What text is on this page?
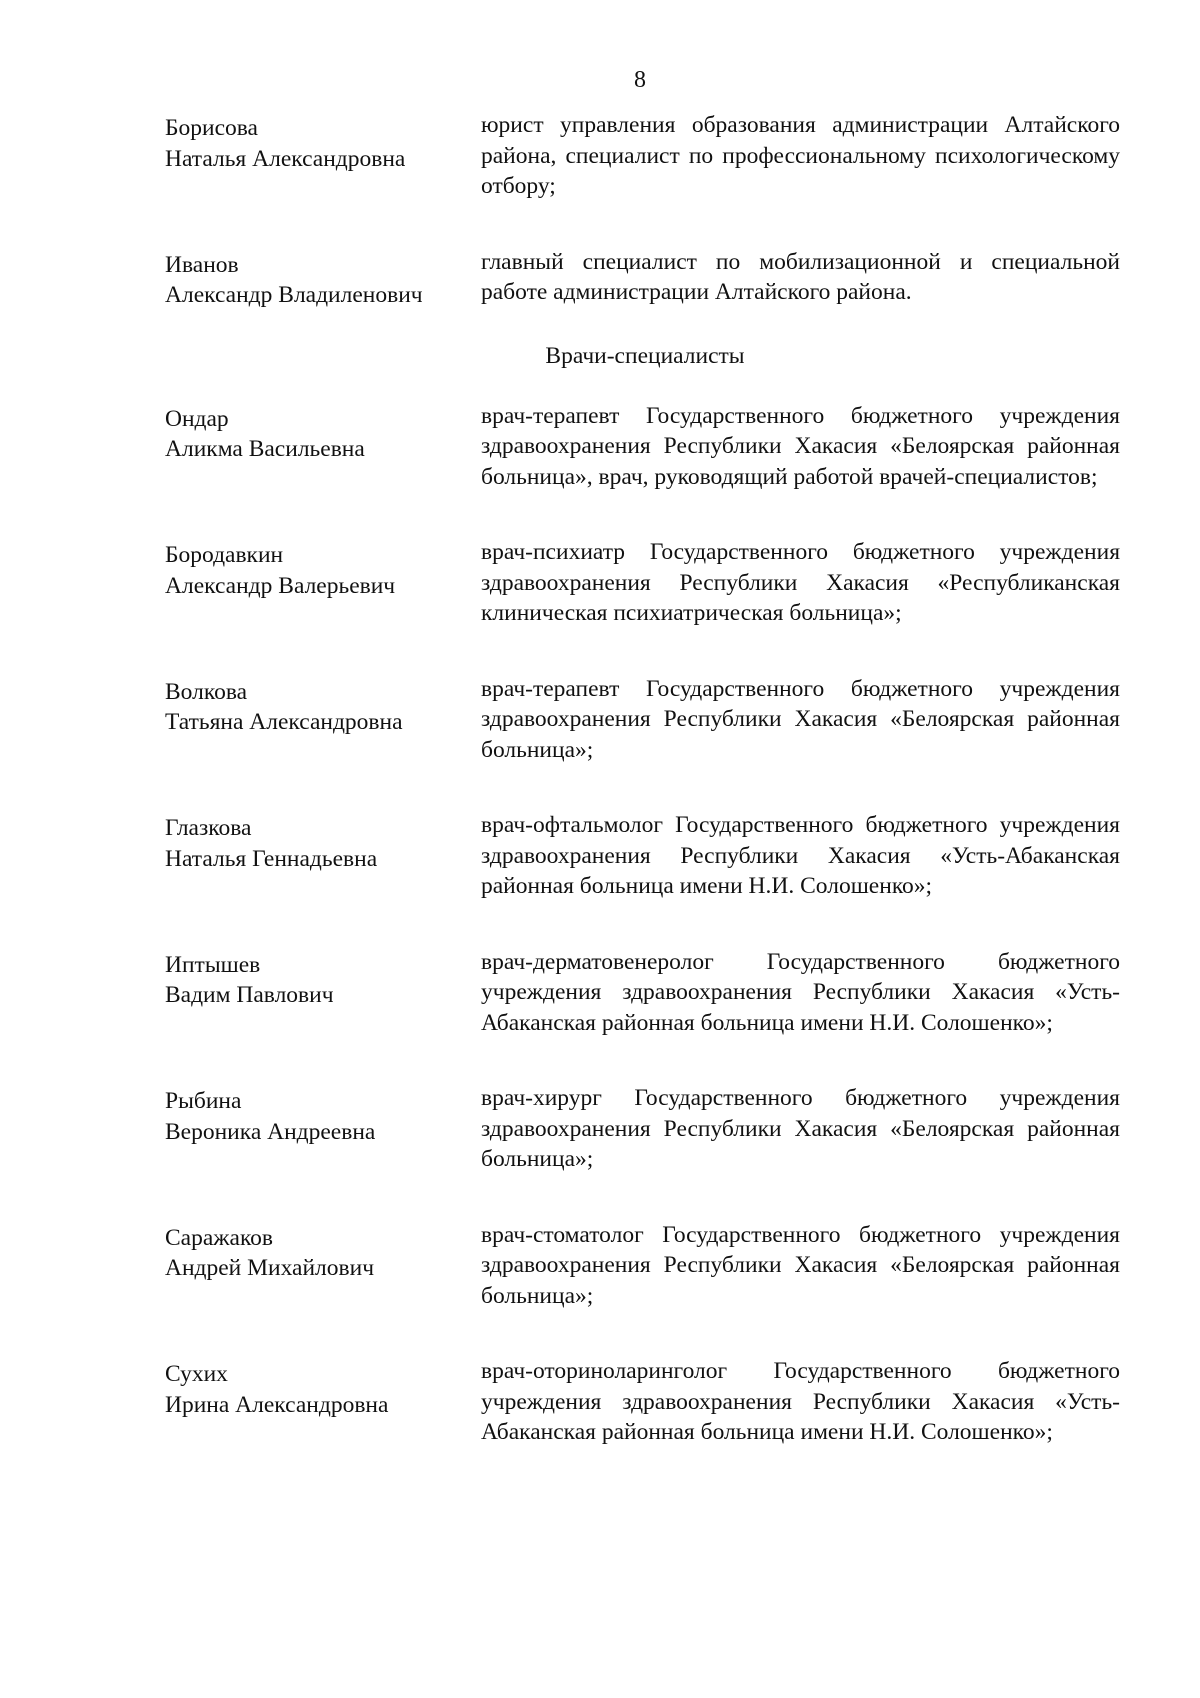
8
Борисова
Наталья Александровна
юрист управления образования администрации Алтайского района, специалист по профессиональному психологическому отбору;
Иванов
Александр Владиленович
главный специалист по мобилизационной и специальной работе администрации Алтайского района.
Врачи-специалисты
Ондар
Аликма Васильевна
врач-терапевт Государственного бюджетного учреждения здравоохранения Республики Хакасия «Белоярская районная больница», врач, руководящий работой врачей-специалистов;
Бородавкин
Александр Валерьевич
врач-психиатр Государственного бюджетного учреждения здравоохранения Республики Хакасия «Республиканская клиническая психиатрическая больница»;
Волкова
Татьяна Александровна
врач-терапевт Государственного бюджетного учреждения здравоохранения Республики Хакасия «Белоярская районная больница»;
Глазкова
Наталья Геннадьевна
врач-офтальмолог Государственного бюджетного учреждения здравоохранения Республики Хакасия «Усть-Абаканская районная больница имени Н.И. Солошенко»;
Иптышев
Вадим Павлович
врач-дерматовенеролог Государственного бюджетного учреждения здравоохранения Республики Хакасия «Усть-Абаканская районная больница имени Н.И. Солошенко»;
Рыбина
Вероника Андреевна
врач-хирург Государственного бюджетного учреждения здравоохранения Республики Хакасия «Белоярская районная больница»;
Саражаков
Андрей Михайлович
врач-стоматолог Государственного бюджетного учреждения здравоохранения Республики Хакасия «Белоярская районная больница»;
Сухих
Ирина Александровна
врач-оториноларинголог Государственного бюджетного учреждения здравоохранения Республики Хакасия «Усть-Абаканская районная больница имени Н.И. Солошенко»;
